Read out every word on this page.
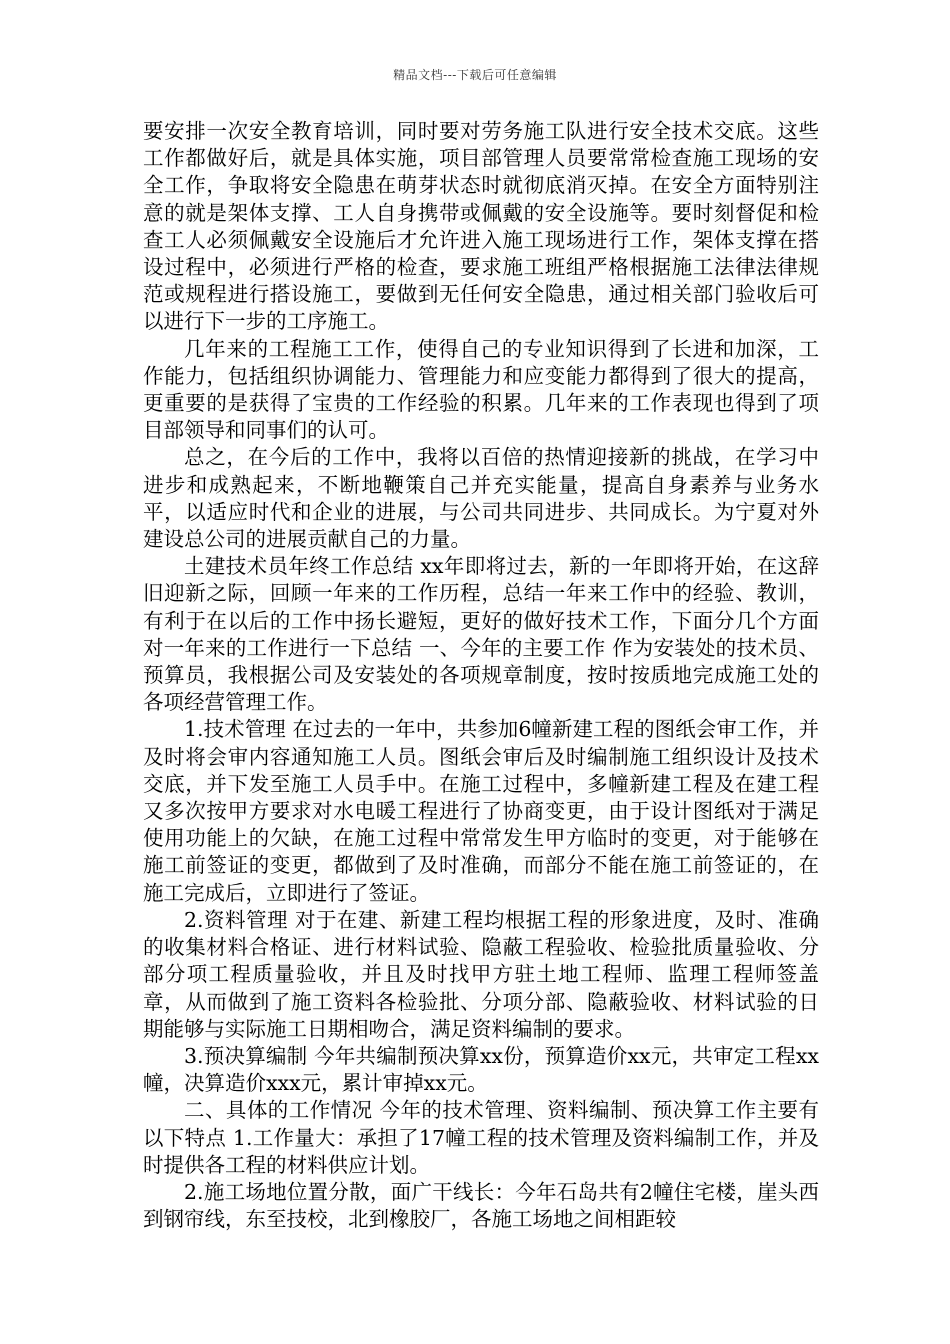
精品文档---下载后可任意编辑

要安排一次安全教育培训，同时要对劳务施工队进行安全技术交底。这些工作都做好后，就是具体实施，项目部管理人员要常常检查施工现场的安全工作，争取将安全隐患在萌芽状态时就彻底消灭掉。在安全方面特别注意的就是架体支撑、工人自身携带或佩戴的安全设施等。要时刻督促和检查工人必须佩戴安全设施后才允许进入施工现场进行工作，架体支撑在搭设过程中，必须进行严格的检查，要求施工班组严格根据施工法律法律规范或规程进行搭设施工，要做到无任何安全隐患，通过相关部门验收后可以进行下一步的工序施工。

几年来的工程施工工作，使得自己的专业知识得到了长进和加深，工作能力，包括组织协调能力、管理能力和应变能力都得到了很大的提高，更重要的是获得了宝贵的工作经验的积累。几年来的工作表现也得到了项目部领导和同事们的认可。

总之，在今后的工作中，我将以百倍的热情迎接新的挑战，在学习中进步和成熟起来，不断地鞭策自己并充实能量，提高自身素养与业务水平，以适应时代和企业的进展，与公司共同进步、共同成长。为宁夏对外建设总公司的进展贡献自己的力量。

土建技术员年终工作总结 xx年即将过去，新的一年即将开始，在这辞旧迎新之际，回顾一年来的工作历程，总结一年来工作中的经验、教训，有利于在以后的工作中扬长避短，更好的做好技术工作，下面分几个方面对一年来的工作进行一下总结 一、今年的主要工作 作为安装处的技术员、预算员，我根据公司及安装处的各项规章制度，按时按质地完成施工处的各项经营管理工作。

1.技术管理 在过去的一年中，共参加6幢新建工程的图纸会审工作，并及时将会审内容通知施工人员。图纸会审后及时编制施工组织设计及技术交底，并下发至施工人员手中。在施工过程中，多幢新建工程及在建工程又多次按甲方要求对水电暖工程进行了协商变更，由于设计图纸对于满足使用功能上的欠缺，在施工过程中常常发生甲方临时的变更，对于能够在施工前签证的变更，都做到了及时准确，而部分不能在施工前签证的，在施工完成后，立即进行了签证。

2.资料管理 对于在建、新建工程均根据工程的形象进度，及时、准确的收集材料合格证、进行材料试验、隐蔽工程验收、检验批质量验收、分部分项工程质量验收，并且及时找甲方驻土地工程师、监理工程师签盖章，从而做到了施工资料各检验批、分项分部、隐蔽验收、材料试验的日期能够与实际施工日期相吻合，满足资料编制的要求。

3.预决算编制 今年共编制预决算xx份，预算造价xx元，共审定工程xx幢，决算造价xxx元，累计审掉xx元。

二、具体的工作情况 今年的技术管理、资料编制、预决算工作主要有以下特点 1.工作量大：承担了17幢工程的技术管理及资料编制工作，并及时提供各工程的材料供应计划。

2.施工场地位置分散，面广干线长：今年石岛共有2幢住宅楼，崖头西到钢帘线，东至技校，北到橡胶厂，各施工场地之间相距较
